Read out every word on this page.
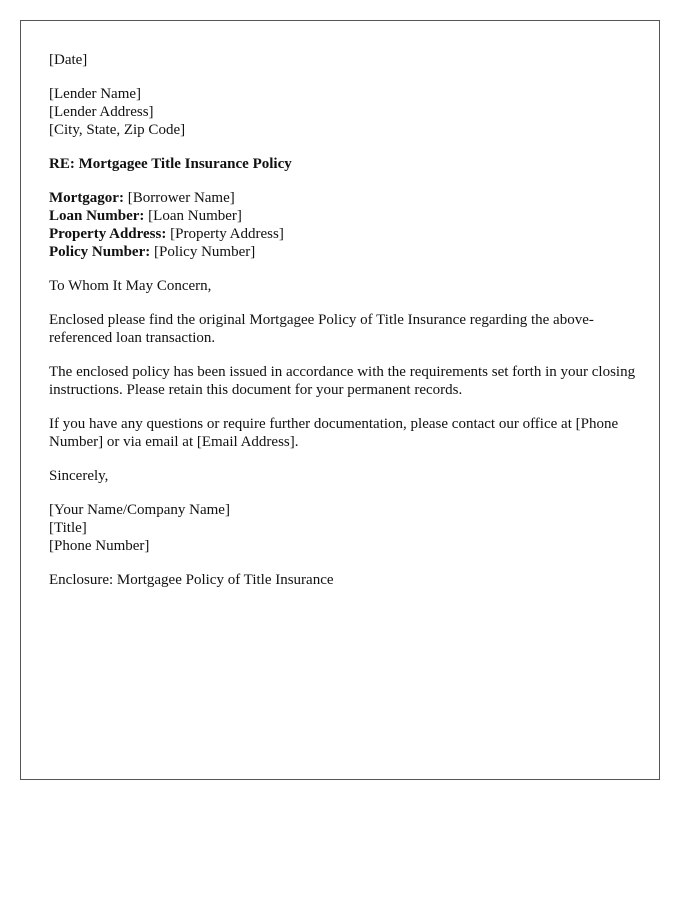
[Date]
[Lender Name]
[Lender Address]
[City, State, Zip Code]
RE: Mortgagee Title Insurance Policy
Mortgagor: [Borrower Name]
Loan Number: [Loan Number]
Property Address: [Property Address]
Policy Number: [Policy Number]

To Whom It May Concern,

Enclosed please find the original Mortgagee Policy of Title Insurance regarding the above-referenced loan transaction.

The enclosed policy has been issued in accordance with the requirements set forth in your closing instructions. Please retain this document for your permanent records.

If you have any questions or require further documentation, please contact our office at [Phone Number] or via email at [Email Address].

Sincerely,

[Your Name/Company Name]
[Title]
[Phone Number]

Enclosure: Mortgagee Policy of Title Insurance
